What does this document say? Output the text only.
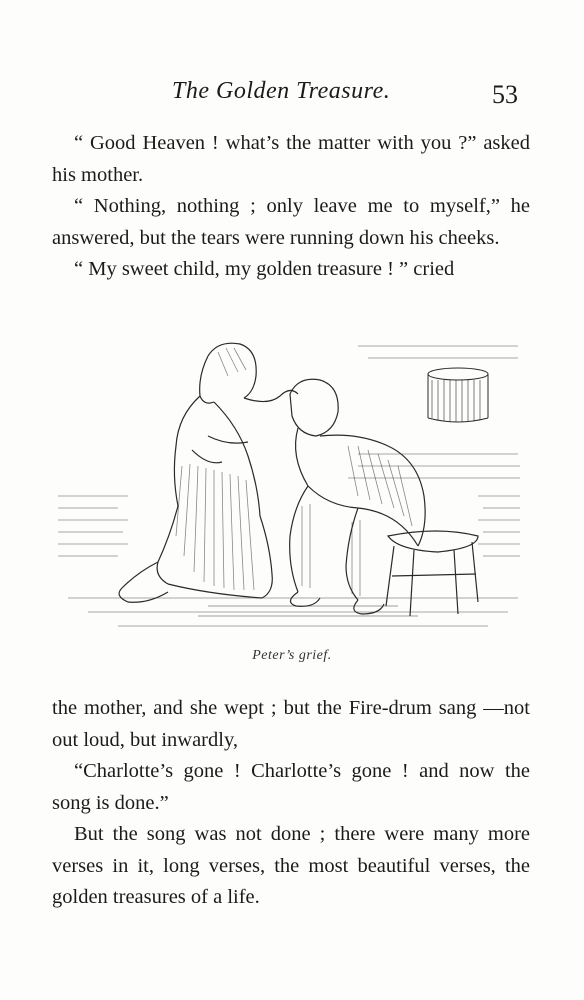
The Golden Treasure.	53

“ Good Heaven ! what’s the matter with you ?” asked his mother.

“ Nothing, nothing ; only leave me to myself,” he answered, but the tears were running down his cheeks.

“ My sweet child, my golden treasure ! ” cried

Peter’s grief.

the mother, and she wept ; but the Fire-drum sang —not out loud, but inwardly,

“Charlotte’s gone ! Charlotte’s gone ! and now the song is done.”

But the song was not done ; there were many more verses in it, long verses, the most beautiful verses, the golden treasures of a life.
